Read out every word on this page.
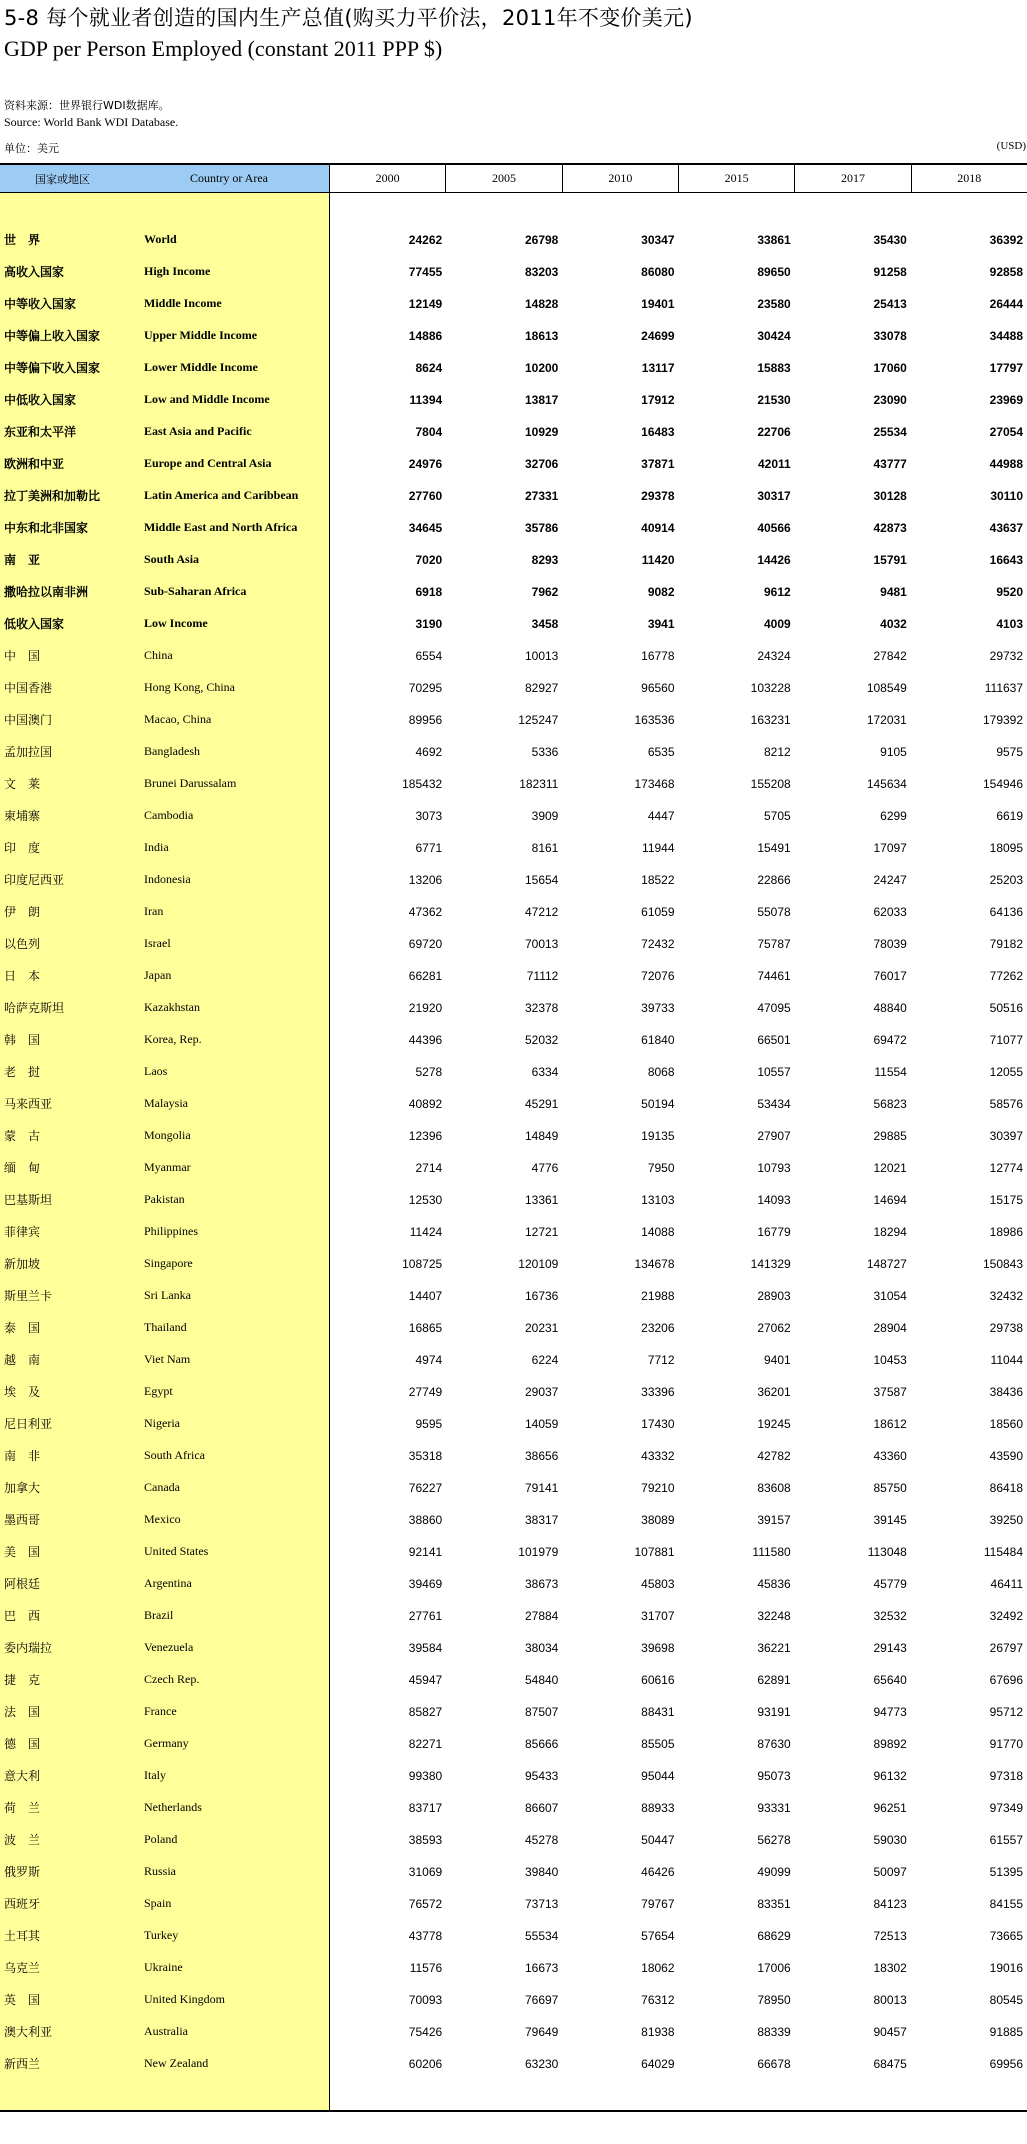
5-8 每个就业者创造的国内生产总值(购买力平价法，2011年不变价美元)
GDP per Person Employed (constant 2011 PPP $)
资料来源：世界银行WDI数据库。
Source: World Bank WDI Database.
单位：美元	(USD)
国家或地区	Country or Area	2000	2005	2010	2015	2017	2018
世　界	World	24262	26798	30347	33861	35430	36392
高收入国家	High Income	77455	83203	86080	89650	91258	92858
中等收入国家	Middle Income	12149	14828	19401	23580	25413	26444
中等偏上收入国家	Upper Middle Income	14886	18613	24699	30424	33078	34488
中等偏下收入国家	Lower Middle Income	8624	10200	13117	15883	17060	17797
中低收入国家	Low and Middle Income	11394	13817	17912	21530	23090	23969
东亚和太平洋	East Asia and Pacific	7804	10929	16483	22706	25534	27054
欧洲和中亚	Europe and Central Asia	24976	32706	37871	42011	43777	44988
拉丁美洲和加勒比	Latin America and Caribbean	27760	27331	29378	30317	30128	30110
中东和北非国家	Middle East and North Africa	34645	35786	40914	40566	42873	43637
南　亚	South Asia	7020	8293	11420	14426	15791	16643
撒哈拉以南非洲	Sub-Saharan Africa	6918	7962	9082	9612	9481	9520
低收入国家	Low Income	3190	3458	3941	4009	4032	4103
中　国	China	6554	10013	16778	24324	27842	29732
中国香港	Hong Kong, China	70295	82927	96560	103228	108549	111637
中国澳门	Macao, China	89956	125247	163536	163231	172031	179392
孟加拉国	Bangladesh	4692	5336	6535	8212	9105	9575
文　莱	Brunei Darussalam	185432	182311	173468	155208	145634	154946
柬埔寨	Cambodia	3073	3909	4447	5705	6299	6619
印　度	India	6771	8161	11944	15491	17097	18095
印度尼西亚	Indonesia	13206	15654	18522	22866	24247	25203
伊　朗	Iran	47362	47212	61059	55078	62033	64136
以色列	Israel	69720	70013	72432	75787	78039	79182
日　本	Japan	66281	71112	72076	74461	76017	77262
哈萨克斯坦	Kazakhstan	21920	32378	39733	47095	48840	50516
韩　国	Korea, Rep.	44396	52032	61840	66501	69472	71077
老　挝	Laos	5278	6334	8068	10557	11554	12055
马来西亚	Malaysia	40892	45291	50194	53434	56823	58576
蒙　古	Mongolia	12396	14849	19135	27907	29885	30397
缅　甸	Myanmar	2714	4776	7950	10793	12021	12774
巴基斯坦	Pakistan	12530	13361	13103	14093	14694	15175
菲律宾	Philippines	11424	12721	14088	16779	18294	18986
新加坡	Singapore	108725	120109	134678	141329	148727	150843
斯里兰卡	Sri Lanka	14407	16736	21988	28903	31054	32432
泰　国	Thailand	16865	20231	23206	27062	28904	29738
越　南	Viet Nam	4974	6224	7712	9401	10453	11044
埃　及	Egypt	27749	29037	33396	36201	37587	38436
尼日利亚	Nigeria	9595	14059	17430	19245	18612	18560
南　非	South Africa	35318	38656	43332	42782	43360	43590
加拿大	Canada	76227	79141	79210	83608	85750	86418
墨西哥	Mexico	38860	38317	38089	39157	39145	39250
美　国	United States	92141	101979	107881	111580	113048	115484
阿根廷	Argentina	39469	38673	45803	45836	45779	46411
巴　西	Brazil	27761	27884	31707	32248	32532	32492
委内瑞拉	Venezuela	39584	38034	39698	36221	29143	26797
捷　克	Czech Rep.	45947	54840	60616	62891	65640	67696
法　国	France	85827	87507	88431	93191	94773	95712
德　国	Germany	82271	85666	85505	87630	89892	91770
意大利	Italy	99380	95433	95044	95073	96132	97318
荷　兰	Netherlands	83717	86607	88933	93331	96251	97349
波　兰	Poland	38593	45278	50447	56278	59030	61557
俄罗斯	Russia	31069	39840	46426	49099	50097	51395
西班牙	Spain	76572	73713	79767	83351	84123	84155
土耳其	Turkey	43778	55534	57654	68629	72513	73665
乌克兰	Ukraine	11576	16673	18062	17006	18302	19016
英　国	United Kingdom	70093	76697	76312	78950	80013	80545
澳大利亚	Australia	75426	79649	81938	88339	90457	91885
新西兰	New Zealand	60206	63230	64029	66678	68475	69956
